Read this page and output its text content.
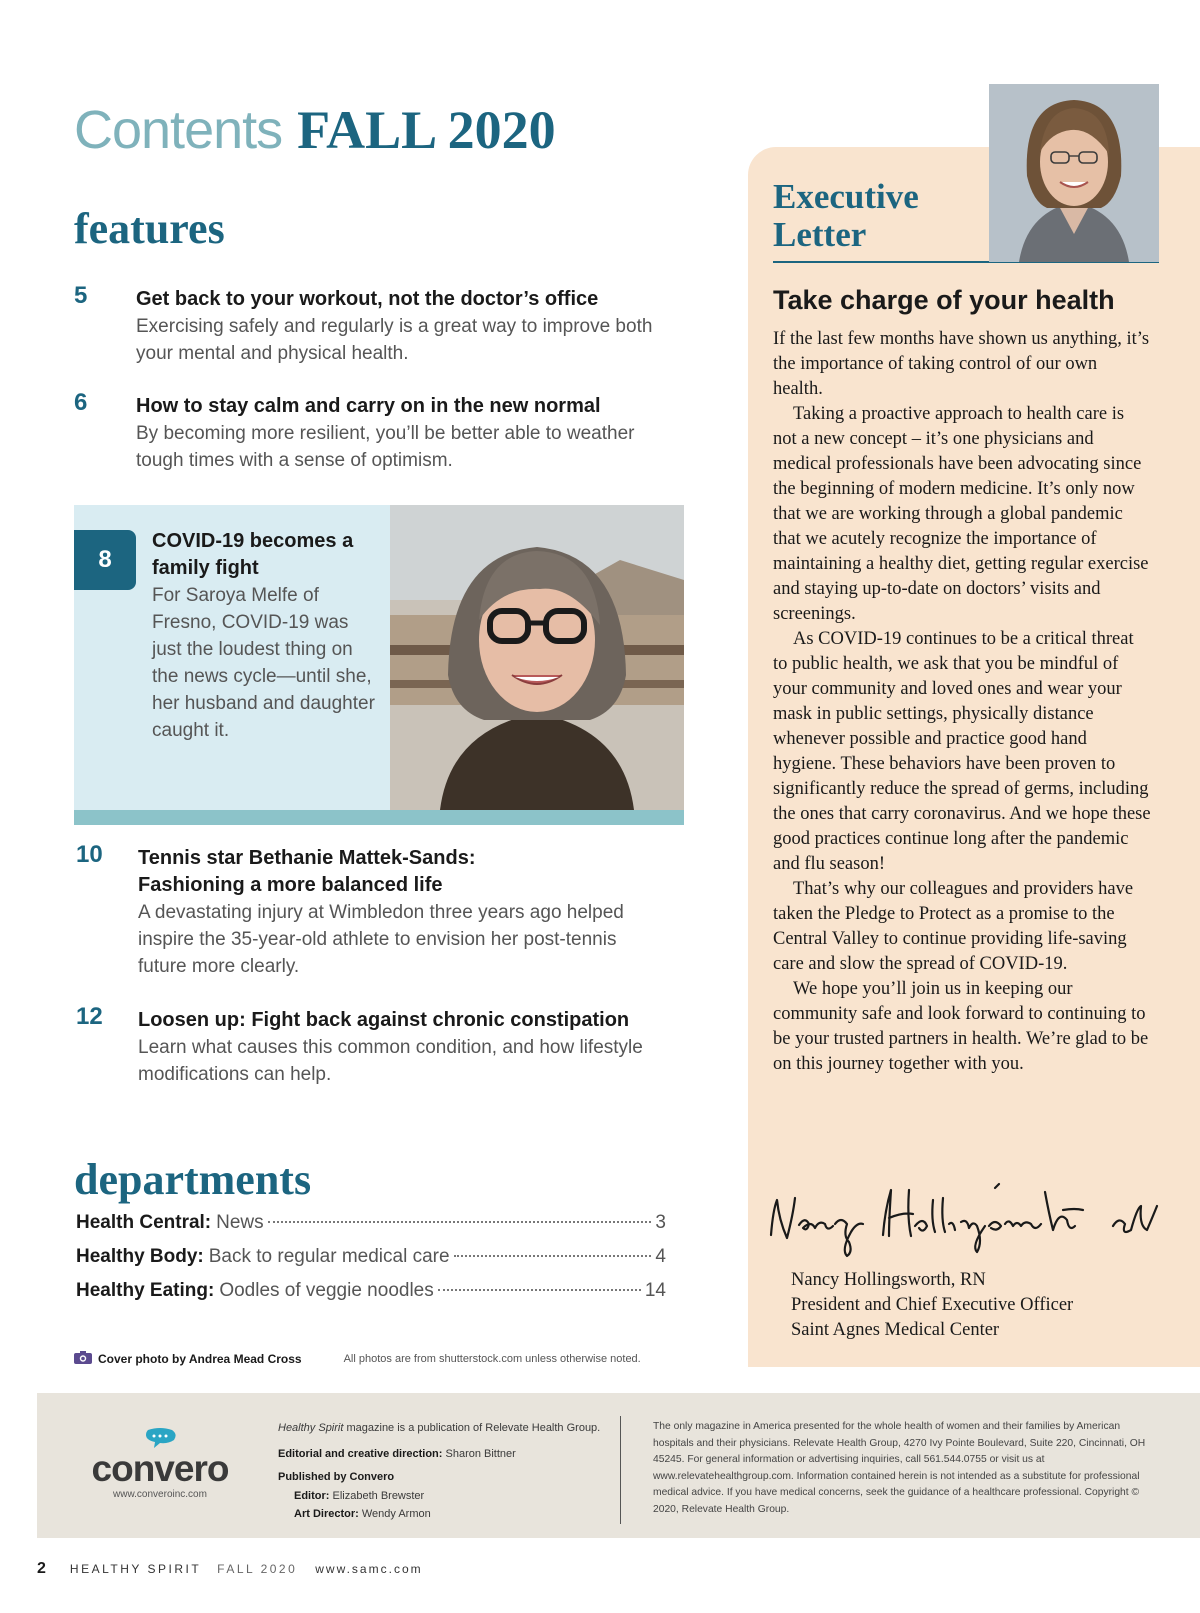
Contents FALL 2020
features
5 Get back to your workout, not the doctor’s office
Exercising safely and regularly is a great way to improve both your mental and physical health.
6 How to stay calm and carry on in the new normal
By becoming more resilient, you’ll be better able to weather tough times with a sense of optimism.
8
COVID-19 becomes a family fight
For Saroya Melfe of Fresno, COVID-19 was just the loudest thing on the news cycle—until she, her husband and daughter caught it.
10 Tennis star Bethanie Mattek-Sands: Fashioning a more balanced life
A devastating injury at Wimbledon three years ago helped inspire the 35-year-old athlete to envision her post-tennis future more clearly.
12 Loosen up: Fight back against chronic constipation
Learn what causes this common condition, and how lifestyle modifications can help.
departments
Health Central: News	3
Healthy Body: Back to regular medical care	4
Healthy Eating: Oodles of veggie noodles	14
Cover photo by Andrea Mead Cross	All photos are from shutterstock.com unless otherwise noted.
Executive Letter
Take charge of your health

If the last few months have shown us anything, it’s the importance of taking control of our own health.

Taking a proactive approach to health care is not a new concept – it’s one physicians and medical professionals have been advocating since the beginning of modern medicine. It’s only now that we are working through a global pandemic that we acutely recognize the importance of maintaining a healthy diet, getting regular exercise and staying up-to-date on doctors’ visits and screenings.

As COVID-19 continues to be a critical threat to public health, we ask that you be mindful of your community and loved ones and wear your mask in public settings, physically distance whenever possible and practice good hand hygiene. These behaviors have been proven to significantly reduce the spread of germs, including the ones that carry coronavirus. And we hope these good practices continue long after the pandemic and flu season!

That’s why our colleagues and providers have taken the Pledge to Protect as a promise to the Central Valley to continue providing life-saving care and slow the spread of COVID-19.

We hope you’ll join us in keeping our community safe and look forward to continuing to be your trusted partners in health. We’re glad to be on this journey together with you.

Nancy Hollingsworth, RN
President and Chief Executive Officer
Saint Agnes Medical Center
convero
www.converoinc.com
Healthy Spirit magazine is a publication of Relevate Health Group.
Editorial and creative direction: Sharon Bittner
Published by Convero
Editor: Elizabeth Brewster
Art Director: Wendy Armon
The only magazine in America presented for the whole health of women and their families by American hospitals and their physicians. Relevate Health Group, 4270 Ivy Pointe Boulevard, Suite 220, Cincinnati, OH 45245. For general information or advertising inquiries, call 561.544.0755 or visit us at www.relevatehealthgroup.com. Information contained herein is not intended as a substitute for professional medical advice. If you have medical concerns, seek the guidance of a healthcare professional. Copyright © 2020, Relevate Health Group.
2 HEALTHY SPIRIT FALL 2020 www.samc.com
